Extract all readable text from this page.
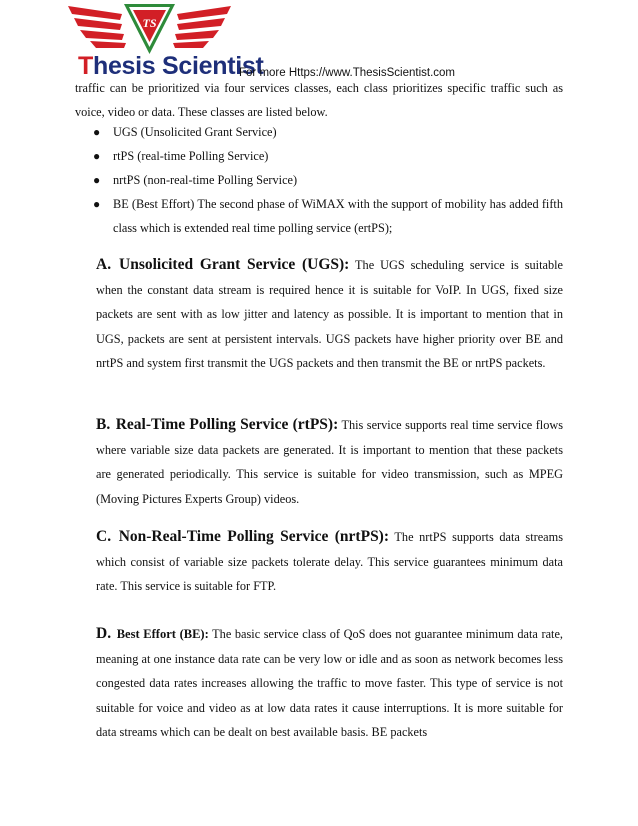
TS
Thesis Scientist
For more Https://www.ThesisScientist.com
traffic can be prioritized via four services classes, each class prioritizes specific traffic such as
voice, video or data. These classes are listed below.
● UGS (Unsolicited Grant Service)
● rtPS (real-time Polling Service)
● nrtPS (non-real-time Polling Service)
● BE (Best Effort) The second phase of WiMAX with the support of mobility has added fifth class which is extended real time polling service (ertPS);
A. Unsolicited Grant Service (UGS): The UGS scheduling service is suitable when the constant data stream is required hence it is suitable for VoIP. In UGS, fixed size packets are sent with as low jitter and latency as possible. It is important to mention that in UGS, packets are sent at persistent intervals. UGS packets have higher priority over BE and nrtPS and system first transmit the UGS packets and then transmit the BE or nrtPS packets.
B. Real-Time Polling Service (rtPS): This service supports real time service flows where variable size data packets are generated. It is important to mention that these packets are generated periodically. This service is suitable for video transmission, such as MPEG (Moving Pictures Experts Group) videos.
C. Non-Real-Time Polling Service (nrtPS): The nrtPS supports data streams which consist of variable size packets tolerate delay. This service guarantees minimum data rate. This service is suitable for FTP.
D. Best Effort (BE): The basic service class of QoS does not guarantee minimum data rate, meaning at one instance data rate can be very low or idle and as soon as network becomes less congested data rates increases allowing the traffic to move faster. This type of service is not suitable for voice and video as at low data rates it cause interruptions. It is more suitable for data streams which can be dealt on best available basis. BE packets
